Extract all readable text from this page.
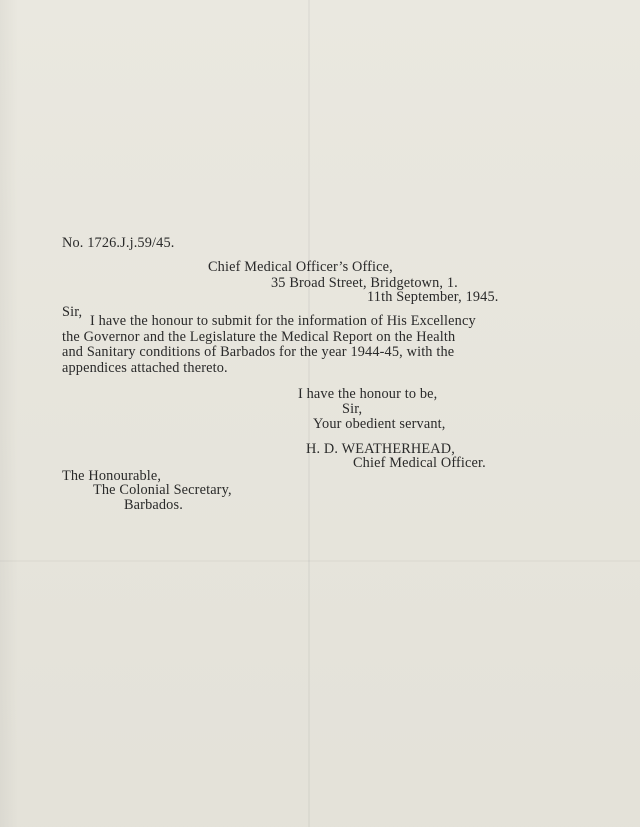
No. 1726.J.j.59/45.
Chief Medical Officer’s Office,
35 Broad Street, Bridgetown, 1.
11th September, 1945.
Sir,
I have the honour to submit for the information of His Excellency
the Governor and the Legislature the Medical Report on the Health
and Sanitary conditions of Barbados for the year 1944-45, with the
appendices attached thereto.
I have the honour to be,
Sir,
Your obedient servant,
H. D. WEATHERHEAD,
Chief Medical Officer.
The Honourable,
The Colonial Secretary,
Barbados.
